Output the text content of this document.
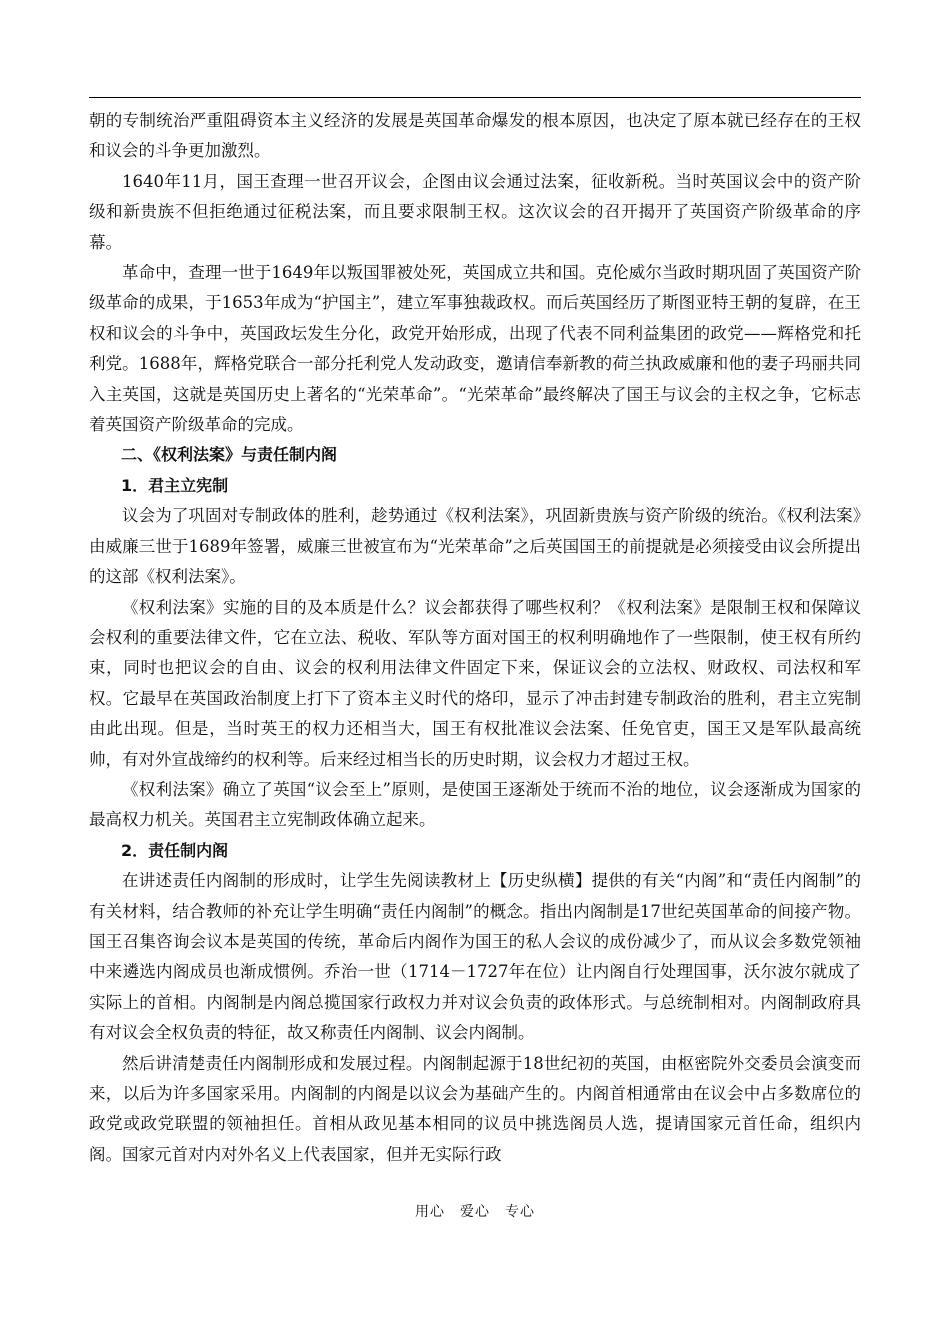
朝的专制统治严重阻碍资本主义经济的发展是英国革命爆发的根本原因，也决定了原本就已经存在的王权和议会的斗争更加激烈。

1640年11月，国王查理一世召开议会，企图由议会通过法案，征收新税。当时英国议会中的资产阶级和新贵族不但拒绝通过征税法案，而且要求限制王权。这次议会的召开揭开了英国资产阶级革命的序幕。

革命中，查理一世于1649年以叛国罪被处死，英国成立共和国。克伦威尔当政时期巩固了英国资产阶级革命的成果，于1653年成为“护国主”，建立军事独裁政权。而后英国经历了斯图亚特王朝的复辟，在王权和议会的斗争中，英国政坛发生分化，政党开始形成，出现了代表不同利益集团的政党——辉格党和托利党。1688年，辉格党联合一部分托利党人发动政变，邀请信奉新教的荷兰执政威廉和他的妻子玛丽共同入主英国，这就是英国历史上著名的“光荣革命”。“光荣革命”最终解决了国王与议会的主权之争，它标志着英国资产阶级革命的完成。

二、《权利法案》与责任制内阁

1．君主立宪制

议会为了巩固对专制政体的胜利，趁势通过《权利法案》，巩固新贵族与资产阶级的统治。《权利法案》由威廉三世于1689年签署，威廉三世被宣布为“光荣革命”之后英国国王的前提就是必须接受由议会所提出的这部《权利法案》。

《权利法案》实施的目的及本质是什么？议会都获得了哪些权利？《权利法案》是限制王权和保障议会权利的重要法律文件，它在立法、税收、军队等方面对国王的权利明确地作了一些限制，使王权有所约束，同时也把议会的自由、议会的权利用法律文件固定下来，保证议会的立法权、财政权、司法权和军权。它最早在英国政治制度上打下了资本主义时代的烙印，显示了冲击封建专制政治的胜利，君主立宪制由此出现。但是，当时英王的权力还相当大，国王有权批准议会法案、任免官吏，国王又是军队最高统帅，有对外宣战缔约的权利等。后来经过相当长的历史时期，议会权力才超过王权。

《权利法案》确立了英国“议会至上”原则，是使国王逐渐处于统而不治的地位，议会逐渐成为国家的最高权力机关。英国君主立宪制政体确立起来。

2．责任制内阁

在讲述责任内阁制的形成时，让学生先阅读教材上【历史纵横】提供的有关“内阁”和“责任内阁制”的有关材料，结合教师的补充让学生明确“责任内阁制”的概念。指出内阁制是17世纪英国革命的间接产物。国王召集咨询会议本是英国的传统，革命后内阁作为国王的私人会议的成份减少了，而从议会多数党领袖中来遴选内阁成员也渐成惯例。乔治一世（1714－1727年在位）让内阁自行处理国事，沃尔波尔就成了实际上的首相。内阁制是内阁总揽国家行政权力并对议会负责的政体形式。与总统制相对。内阁制政府具有对议会全权负责的特征，故又称责任内阁制、议会内阁制。

然后讲清楚责任内阁制形成和发展过程。内阁制起源于18世纪初的英国，由枢密院外交委员会演变而来，以后为许多国家采用。内阁制的内阁是以议会为基础产生的。内阁首相通常由在议会中占多数席位的政党或政党联盟的领袖担任。首相从政见基本相同的议员中挑选阁员人选，提请国家元首任命，组织内阁。国家元首对内对外名义上代表国家，但并无实际行政

用心　爱心　专心
